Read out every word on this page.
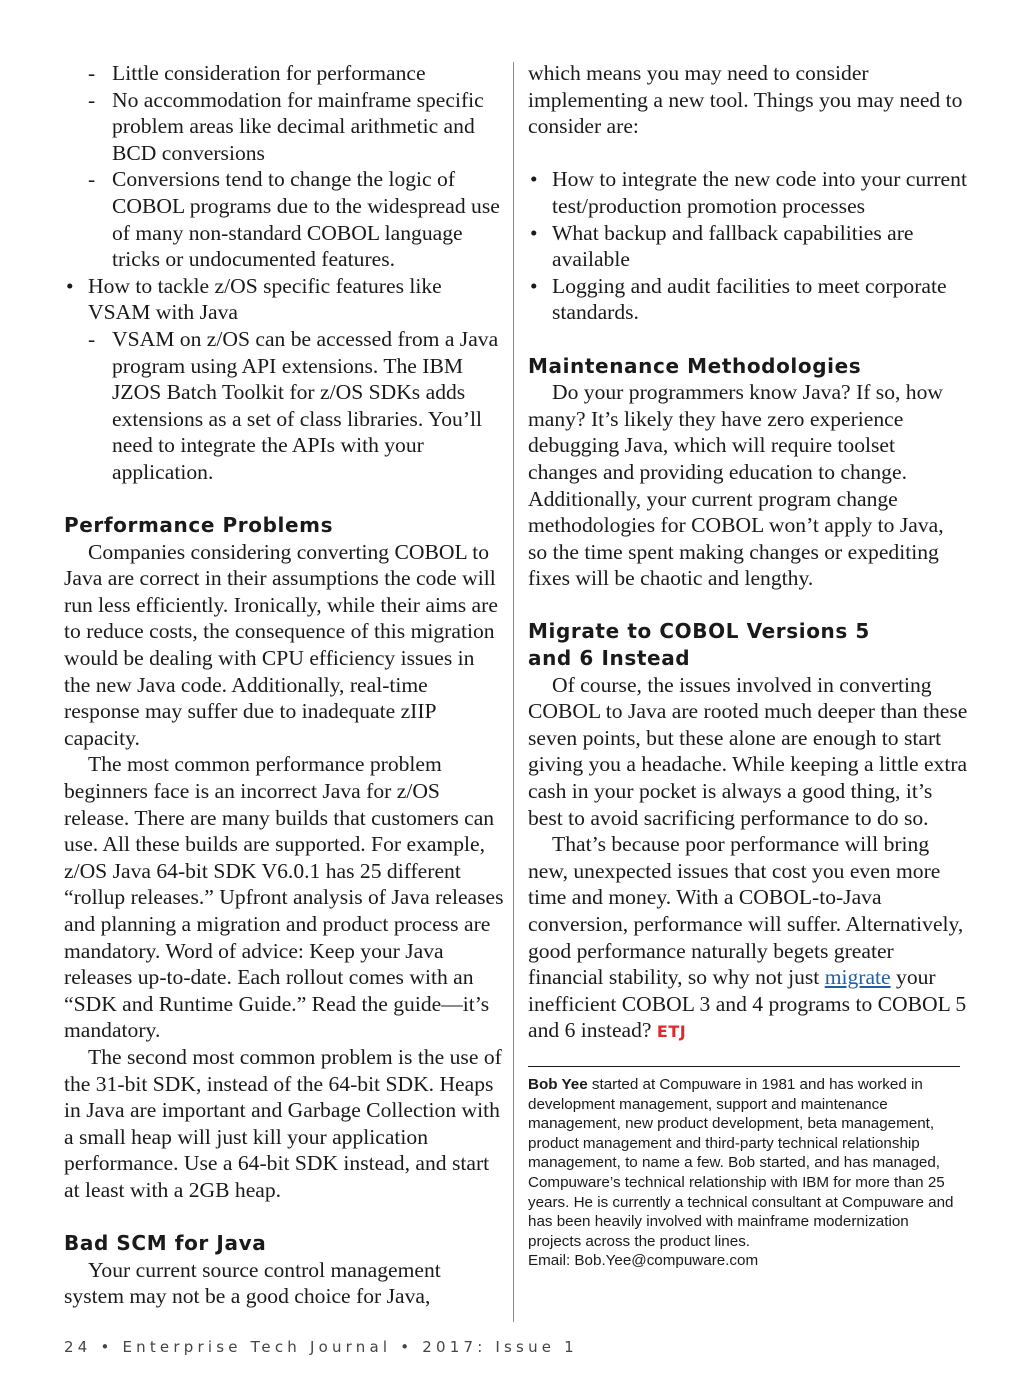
- Little consideration for performance
- No accommodation for mainframe specific problem areas like decimal arithmetic and BCD conversions
- Conversions tend to change the logic of COBOL programs due to the widespread use of many non-standard COBOL language tricks or undocumented features.
• How to tackle z/OS specific features like VSAM with Java
- VSAM on z/OS can be accessed from a Java program using API extensions. The IBM JZOS Batch Toolkit for z/OS SDKs adds extensions as a set of class libraries. You’ll need to integrate the APIs with your application.
Performance Problems

Companies considering converting COBOL to Java are correct in their assumptions the code will run less efficiently. Ironically, while their aims are to reduce costs, the consequence of this migration would be dealing with CPU efficiency issues in the new Java code. Additionally, real-time response may suffer due to inadequate zIIP capacity.

The most common performance problem beginners face is an incorrect Java for z/OS release. There are many builds that customers can use. All these builds are supported. For example, z/OS Java 64-bit SDK V6.0.1 has 25 different “rollup releases.” Upfront analysis of Java releases and planning a migration and product process are mandatory. Word of advice: Keep your Java releases up-to-date. Each rollout comes with an “SDK and Runtime Guide.” Read the guide—it’s mandatory.

The second most common problem is the use of the 31-bit SDK, instead of the 64-bit SDK. Heaps in Java are important and Garbage Collection with a small heap will just kill your application performance. Use a 64-bit SDK instead, and start at least with a 2GB heap.

Bad SCM for Java

Your current source control management system may not be a good choice for Java,

which means you may need to consider implementing a new tool. Things you may need to consider are:

• How to integrate the new code into your current test/production promotion processes
• What backup and fallback capabilities are available
• Logging and audit facilities to meet corporate standards.
Maintenance Methodologies

Do your programmers know Java? If so, how many? It’s likely they have zero experience debugging Java, which will require toolset changes and providing education to change. Additionally, your current program change methodologies for COBOL won’t apply to Java, so the time spent making changes or expediting fixes will be chaotic and lengthy.

Migrate to COBOL Versions 5
and 6 Instead

Of course, the issues involved in converting COBOL to Java are rooted much deeper than these seven points, but these alone are enough to start giving you a headache. While keeping a little extra cash in your pocket is always a good thing, it’s best to avoid sacrificing performance to do so.

That’s because poor performance will bring new, unexpected issues that cost you even more time and money. With a COBOL-to-Java conversion, performance will suffer. Alternatively, good performance naturally begets greater financial stability, so why not just migrate your inefficient COBOL 3 and 4 programs to COBOL 5 and 6 instead? ETJ

Bob Yee started at Compuware in 1981 and has worked in development management, support and maintenance management, new product development, beta management, product management and third-party technical relationship management, to name a few. Bob started, and has managed, Compuware’s technical relationship with IBM for more than 25 years. He is currently a technical consultant at Compuware and has been heavily involved with mainframe modernization projects across the product lines.
Email: Bob.Yee@compuware.com
24 • Enterprise Tech Journal • 2017: Issue 1
